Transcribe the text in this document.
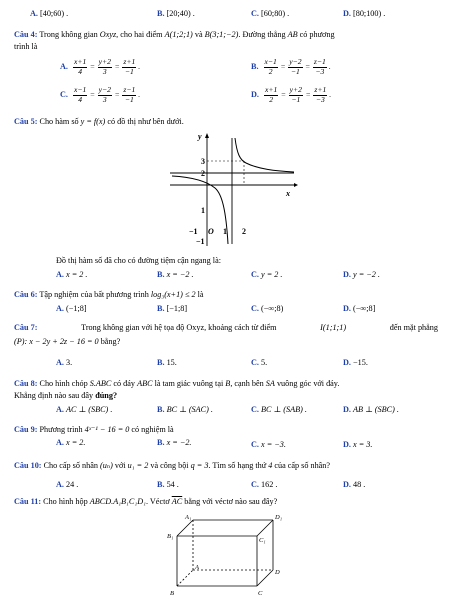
A. [40;60) .	B. [20;40) .	C. [60;80) .	D. [80;100) .
Câu 4: Trong không gian Oxyz, cho hai điểm A(1;2;1) và B(3;1;−2). Đường thẳng AB có phương
trình là
A. $\frac{x+1}{4} = \frac{y+2}{3} = \frac{z+1}{-1}$ .	B. $\frac{x-1}{2} = \frac{y-2}{-1} = \frac{z-1}{-3}$ .
C. $\frac{x-1}{4} = \frac{y-2}{3} = \frac{z-1}{-1}$ .	D. $\frac{x+1}{2} = \frac{y+2}{-1} = \frac{z+1}{-3}$ .
Câu 5: Cho hàm số y = f(x) có đồ thị như bên dưới.
y
x
3
2
1
−1
−1 O 1 2
Đồ thị hàm số đã cho có đường tiệm cận ngang là:
A. x = 2 .	B. x = −2 .	C. y = 2 .	D. y = −2 .
Câu 6: Tập nghiệm của bất phương trình log₃(x+1) ≤ 2 là
A. (−1;8]	B. [−1;8]	C. (−∞;8)	D. (−∞;8]
Câu 7:	Trong không gian với hệ tọa độ Oxyz, khoảng cách từ điểm	I(1;1;1)	đến mặt phẳng
(P): x − 2y + 2z − 16 = 0 bằng?
A. 3.	B. 15.	C. 5.	D. −15.
Câu 8: Cho hình chóp S.ABC có đáy ABC là tam giác vuông tại B, cạnh bên SA vuông góc với đáy.
Khẳng định nào sau đây đúng?
A. AC ⊥ (SBC) .	B. BC ⊥ (SAC) .	C. BC ⊥ (SAB) .	D. AB ⊥ (SBC) .
Câu 9: Phương trình 4ˣ⁻¹ − 16 = 0 có nghiệm là
A. x = 2.	B. x = −2.	C. x = −3.	D. x = 3.
Câu 10: Cho cấp số nhân (uₙ) với u₁ = 2 và công bội q = 3. Tìm số hạng thứ 4 của cấp số nhân?
A. 24 .	B. 54 .	C. 162 .	D. 48 .
Câu 11: Cho hình hộp ABCD.A₁B₁C₁D₁. Véctơ $\overline{AC}$ bằng với véctơ nào sau đây?
A₁	D₁
B₁
C₁
A
D
B	C
